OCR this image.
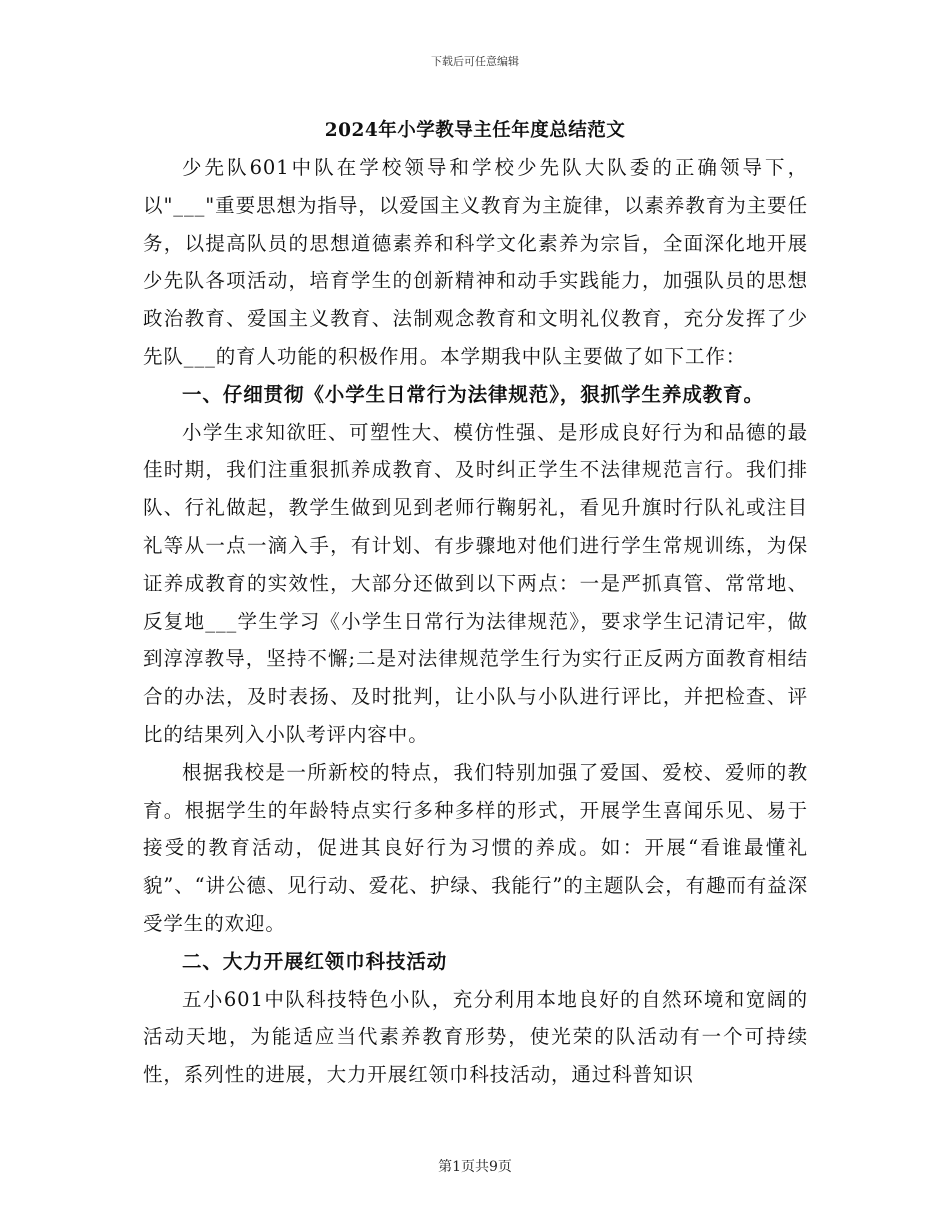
下载后可任意编辑
2024年小学教导主任年度总结范文

少先队601中队在学校领导和学校少先队大队委的正确领导下，以"___"重要思想为指导，以爱国主义教育为主旋律，以素养教育为主要任务，以提高队员的思想道德素养和科学文化素养为宗旨，全面深化地开展少先队各项活动，培育学生的创新精神和动手实践能力，加强队员的思想政治教育、爱国主义教育、法制观念教育和文明礼仪教育，充分发挥了少先队___的育人功能的积极作用。本学期我中队主要做了如下工作：

一、仔细贯彻《小学生日常行为法律规范》，狠抓学生养成教育。

小学生求知欲旺、可塑性大、模仿性强、是形成良好行为和品德的最佳时期，我们注重狠抓养成教育、及时纠正学生不法律规范言行。我们排队、行礼做起，教学生做到见到老师行鞠躬礼，看见升旗时行队礼或注目礼等从一点一滴入手，有计划、有步骤地对他们进行学生常规训练，为保证养成教育的实效性，大部分还做到以下两点：一是严抓真管、常常地、反复地___学生学习《小学生日常行为法律规范》，要求学生记清记牢，做到淳淳教导，坚持不懈;二是对法律规范学生行为实行正反两方面教育相结合的办法，及时表扬、及时批判，让小队与小队进行评比，并把检查、评比的结果列入小队考评内容中。

根据我校是一所新校的特点，我们特别加强了爱国、爱校、爱师的教育。根据学生的年龄特点实行多种多样的形式，开展学生喜闻乐见、易于接受的教育活动，促进其良好行为习惯的养成。如：开展“看谁最懂礼貌”、“讲公德、见行动、爱花、护绿、我能行”的主题队会，有趣而有益深受学生的欢迎。

二、大力开展红领巾科技活动

五小601中队科技特色小队，充分利用本地良好的自然环境和宽阔的活动天地，为能适应当代素养教育形势，使光荣的队活动有一个可持续性，系列性的进展，大力开展红领巾科技活动，通过科普知识

第1页共9页
